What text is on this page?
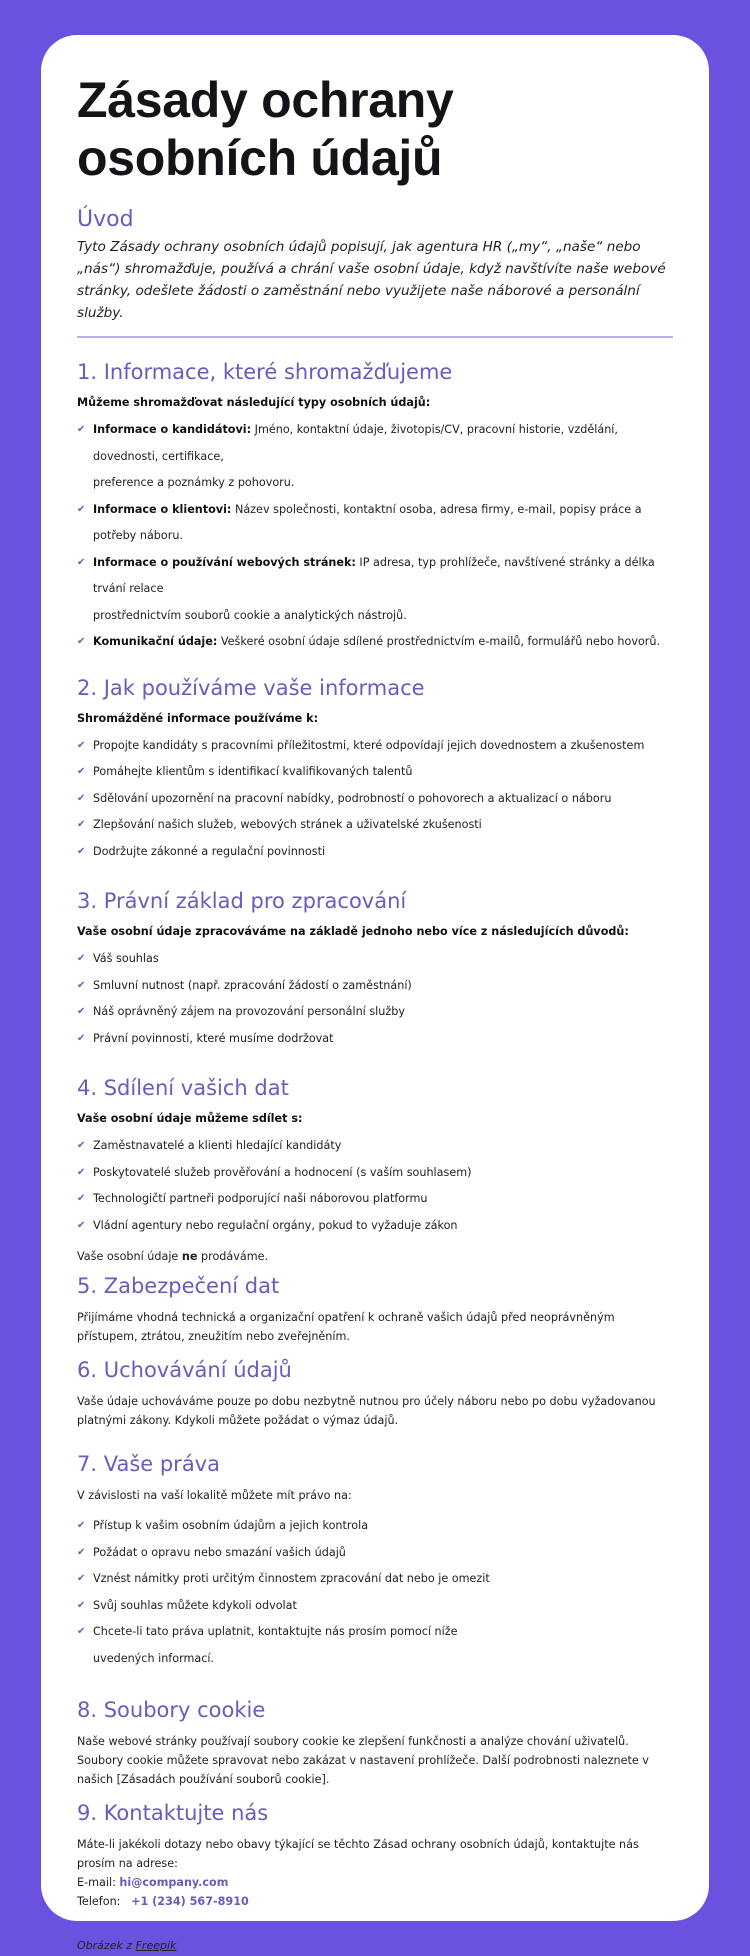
Zásady ochrany osobních údajů
Úvod

Tyto Zásady ochrany osobních údajů popisují, jak agentura HR („my“, „naše“ nebo „nás“) shromažďuje, používá a chrání vaše osobní údaje, když navštívíte naše webové stránky, odešlete žádosti o zaměstnání nebo využijete naše náborové a personální služby.

1. Informace, které shromažďujeme

Můžeme shromažďovat následující typy osobních údajů:

✔ Informace o kandidátovi: Jméno, kontaktní údaje, životopis/CV, pracovní historie, vzdělání, dovednosti, certifikace,
preference a poznámky z pohovoru.
✔ Informace o klientovi: Název společnosti, kontaktní osoba, adresa firmy, e-mail, popisy práce a potřeby náboru.
✔ Informace o používání webových stránek: IP adresa, typ prohlížeče, navštívené stránky a délka trvání relace
prostřednictvím souborů cookie a analytických nástrojů.
✔ Komunikační údaje: Veškeré osobní údaje sdílené prostřednictvím e-mailů, formulářů nebo hovorů.
2. Jak používáme vaše informace

Shromážděné informace používáme k:

✔ Propojte kandidáty s pracovními příležitostmi, které odpovídají jejich dovednostem a zkušenostem
✔ Pomáhejte klientům s identifikací kvalifikovaných talentů
✔ Sdělování upozornění na pracovní nabídky, podrobností o pohovorech a aktualizací o náboru
✔ Zlepšování našich služeb, webových stránek a uživatelské zkušenosti
✔ Dodržujte zákonné a regulační povinnosti
3. Právní základ pro zpracování

Vaše osobní údaje zpracováváme na základě jednoho nebo více z následujících důvodů:

✔ Váš souhlas
✔ Smluvní nutnost (např. zpracování žádostí o zaměstnání)
✔ Náš oprávněný zájem na provozování personální služby
✔ Právní povinnosti, které musíme dodržovat
4. Sdílení vašich dat

Vaše osobní údaje můžeme sdílet s:

✔ Zaměstnavatelé a klienti hledající kandidáty
✔ Poskytovatelé služeb prověřování a hodnocení (s vaším souhlasem)
✔ Technologičtí partneři podporující naši náborovou platformu
✔ Vládní agentury nebo regulační orgány, pokud to vyžaduje zákon

Vaše osobní údaje ne prodáváme.

5. Zabezpečení dat

Přijímáme vhodná technická a organizační opatření k ochraně vašich údajů před neoprávněným přístupem, ztrátou, zneužitím nebo zveřejněním.

6. Uchovávání údajů

Vaše údaje uchováváme pouze po dobu nezbytně nutnou pro účely náboru nebo po dobu vyžadovanou platnými zákony. Kdykoli můžete požádat o výmaz údajů.

7. Vaše práva

V závislosti na vaší lokalitě můžete mít právo na:

✔ Přístup k vašim osobním údajům a jejich kontrola
✔ Požádat o opravu nebo smazání vašich údajů
✔ Vznést námitky proti určitým činnostem zpracování dat nebo je omezit
✔ Svůj souhlas můžete kdykoli odvolat
✔ Chcete-li tato práva uplatnit, kontaktujte nás prosím pomocí níže
uvedených informací.
8. Soubory cookie

Naše webové stránky používají soubory cookie ke zlepšení funkčnosti a analýze chování uživatelů. Soubory cookie můžete spravovat nebo zakázat v nastavení prohlížeče. Další podrobnosti naleznete v našich [Zásadách používání souborů cookie].

9. Kontaktujte nás

Máte-li jakékoli dotazy nebo obavy týkající se těchto Zásad ochrany osobních údajů, kontaktujte nás prosím na adrese:

E-mail: hi@company.com

Telefon: +1 (234) 567-8910

Obrázek z Freepik
